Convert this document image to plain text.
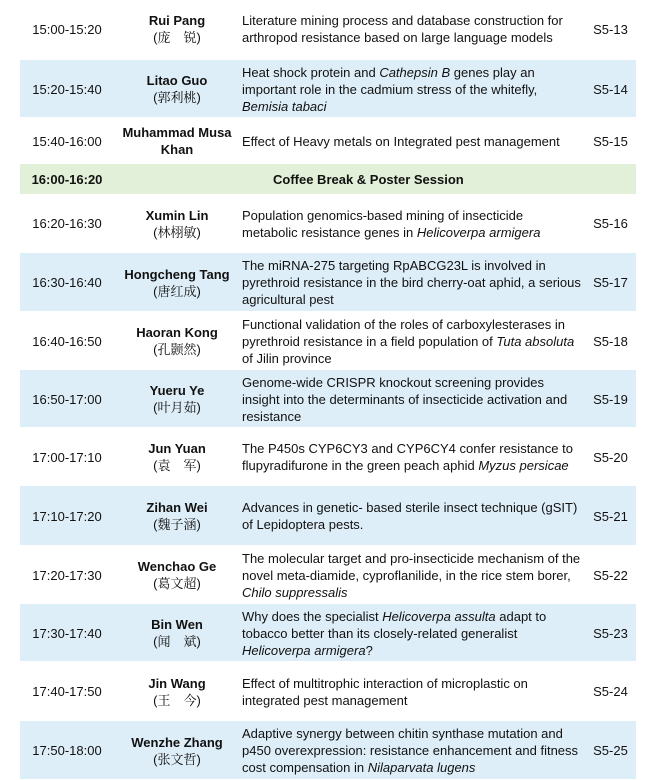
15:00-15:20
Rui Pang
(庞　锐)
Literature mining process and database construction for arthropod resistance based on large language models
S5-13
15:20-15:40
Litao Guo
(郭利桃)
Heat shock protein and Cathepsin B genes play an important role in the cadmium stress of the whitefly, Bemisia tabaci
S5-14
15:40-16:00
Muhammad Musa Khan
Effect of Heavy metals on Integrated pest management	S5-15
16:00-16:20	Coffee Break & Poster Session
16:20-16:30
Xumin Lin
(林栩敏)
Population genomics-based mining of insecticide metabolic resistance genes in Helicoverpa armigera
S5-16
16:30-16:40
Hongcheng Tang
(唐红成)
The miRNA-275 targeting RpABCG23L is involved in pyrethroid resistance in the bird cherry-oat aphid, a serious agricultural pest
S5-17
16:40-16:50
Haoran Kong
(孔颢然)
Functional validation of the roles of carboxylesterases in pyrethroid resistance in a field population of Tuta absoluta of Jilin province
S5-18
16:50-17:00
Yueru Ye
(叶月茹)
Genome-wide CRISPR knockout screening provides insight into the determinants of insecticide activation and resistance
S5-19
17:00-17:10
Jun Yuan
(袁　军)
The P450s CYP6CY3 and CYP6CY4 confer resistance to flupyradifurone in the green peach aphid Myzus persicae
S5-20
17:10-17:20
Zihan Wei
(魏子涵)
Advances in genetic- based sterile insect technique (gSIT) of Lepidoptera pests.
S5-21
17:20-17:30
Wenchao Ge
(葛文超)
The molecular target and pro-insecticide mechanism of the novel meta-diamide, cyproflanilide, in the rice stem borer, Chilo suppressalis
S5-22
17:30-17:40
Bin Wen
(闻　斌)
Why does the specialist Helicoverpa assulta adapt to tobacco better than its closely-related generalist Helicoverpa armigera?
S5-23
17:40-17:50
Jin Wang
(王　今)
Effect of multitrophic interaction of microplastic on integrated pest management
S5-24
17:50-18:00
Wenzhe Zhang
(张文哲)
Adaptive synergy between chitin synthase mutation and p450 overexpression: resistance enhancement and fitness cost compensation in Nilaparvata lugens
S5-25
